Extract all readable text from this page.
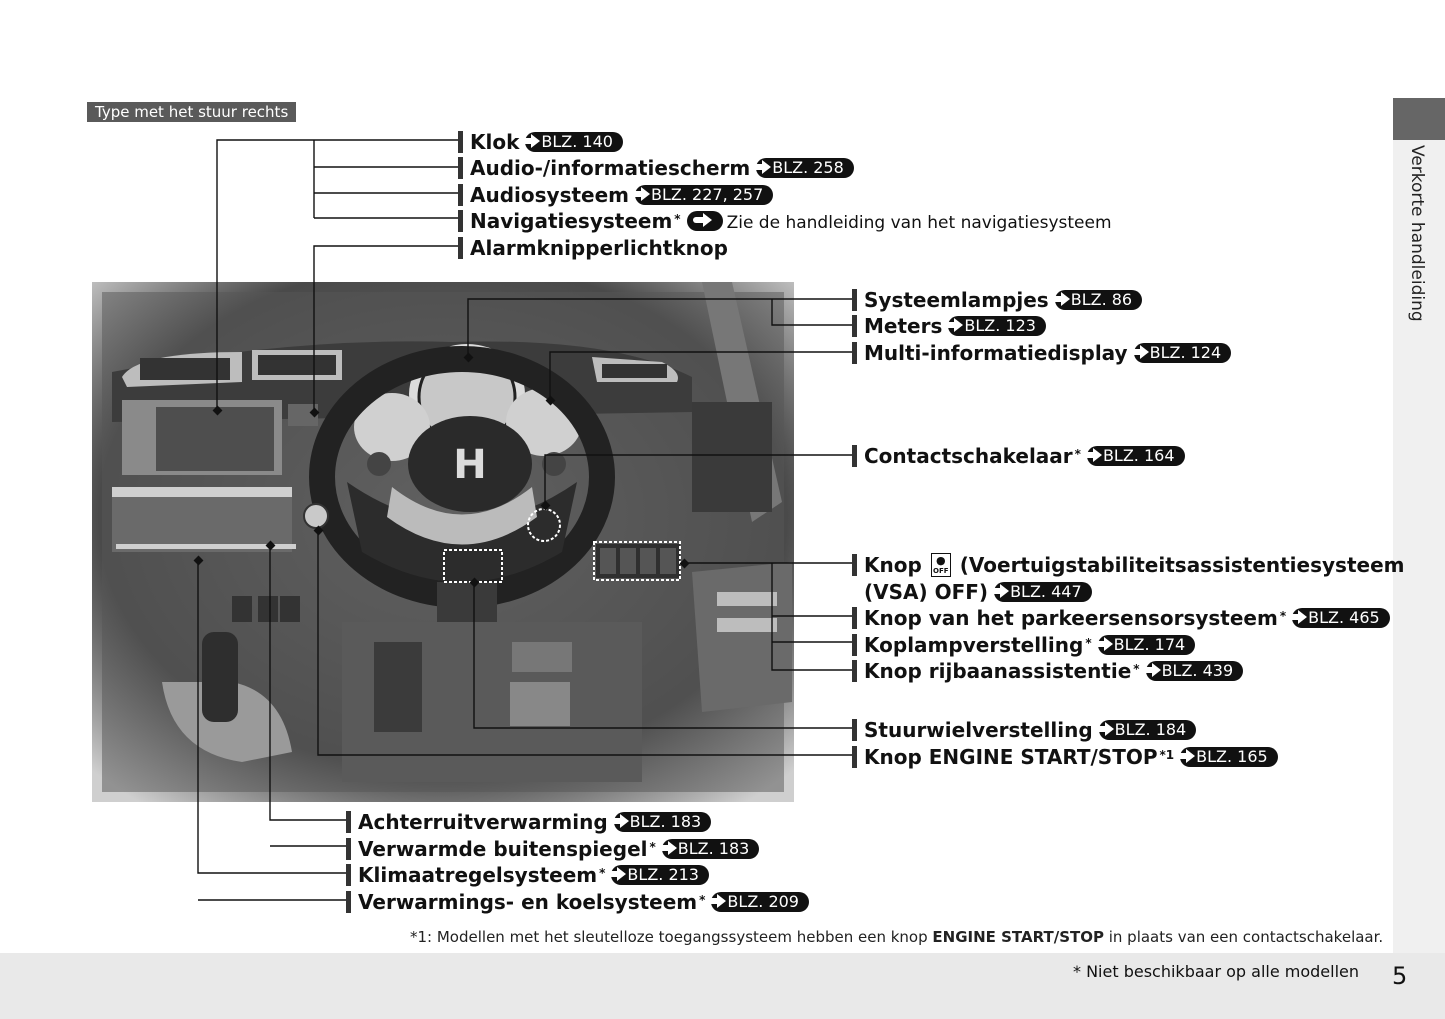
Type met het stuur rechts
Verkorte handleiding
H
Klok BLZ. 140
Audio-/informatiescherm BLZ. 258
Audiosysteem BLZ. 227, 257
Navigatiesysteem *	Zie de handleiding van het navigatiesysteem
Alarmknipperlichtknop
Systeemlampjes BLZ. 86
Meters BLZ. 123
Multi-informatiedisplay BLZ. 124
Contactschakelaar * BLZ. 164
Knop	●
OFF (Voertuigstabiliteitsassistentiesysteem
(VSA) OFF) BLZ. 447
Knop van het parkeersensorsysteem * BLZ. 465
Koplampverstelling * BLZ. 174
Knop rijbaanassistentie * BLZ. 439
Stuurwielverstelling BLZ. 184
Knop ENGINE START/STOP $^{*1}$ BLZ. 165
Achterruitverwarming BLZ. 183
Verwarmde buitenspiegel * BLZ. 183
Klimaatregelsysteem * BLZ. 213
Verwarmings- en koelsysteem * BLZ. 209
*1: Modellen met het sleutelloze toegangssysteem hebben een knop ENGINE START/STOP in plaats van een contactschakelaar.
* Niet beschikbaar op alle modellen 5
